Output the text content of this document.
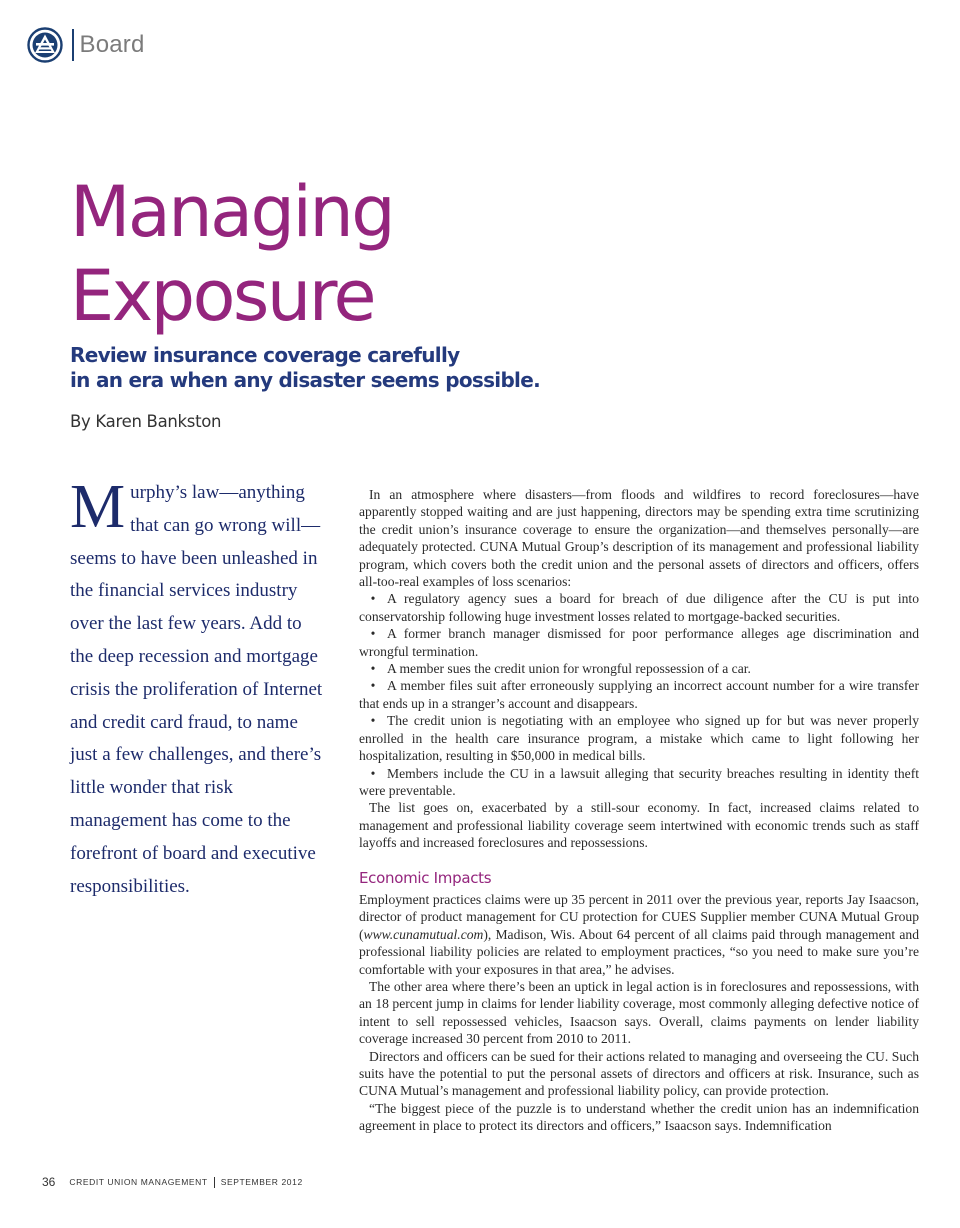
Board
Managing
Exposure
Review insurance coverage carefully
in an era when any disaster seems possible.
By Karen Bankston

Murphy’s law—anything that can go wrong will—seems to have been unleashed in the financial services industry over the last few years. Add to the deep recession and mortgage crisis the proliferation of Internet and credit card fraud, to name just a few challenges, and there’s little wonder that risk management has come to the forefront of board and executive responsibilities.

In an atmosphere where disasters—from floods and wildfires to record foreclosures—have apparently stopped waiting and are just happening, directors may be spending extra time scrutinizing the credit union’s insurance coverage to ensure the organization—and themselves personally—are adequately protected. CUNA Mutual Group’s description of its management and professional liability program, which covers both the credit union and the personal assets of directors and officers, offers all-too-real examples of loss scenarios:

• A regulatory agency sues a board for breach of due diligence after the CU is put into conservatorship following huge investment losses related to mortgage-backed securities.
• A former branch manager dismissed for poor performance alleges age discrimination and wrongful termination.
• A member sues the credit union for wrongful repossession of a car.
• A member files suit after erroneously supplying an incorrect account number for a wire transfer that ends up in a stranger’s account and disappears.
• The credit union is negotiating with an employee who signed up for but was never properly enrolled in the health care insurance program, a mistake which came to light following her hospitalization, resulting in $50,000 in medical bills.
• Members include the CU in a lawsuit alleging that security breaches resulting in identity theft were preventable.

The list goes on, exacerbated by a still-sour economy. In fact, increased claims related to management and professional liability coverage seem intertwined with economic trends such as staff layoffs and increased foreclosures and repossessions.

Economic Impacts

Employment practices claims were up 35 percent in 2011 over the previous year, reports Jay Isaacson, director of product management for CU protection for CUES Supplier member CUNA Mutual Group (www.cunamutual.com), Madison, Wis. About 64 percent of all claims paid through management and professional liability policies are related to employment practices, “so you need to make sure you’re comfortable with your exposures in that area,” he advises.

The other area where there’s been an uptick in legal action is in foreclosures and repossessions, with an 18 percent jump in claims for lender liability coverage, most commonly alleging defective notice of intent to sell repossessed vehicles, Isaacson says. Overall, claims payments on lender liability coverage increased 30 percent from 2010 to 2011.

Directors and officers can be sued for their actions related to managing and overseeing the CU. Such suits have the potential to put the personal assets of directors and officers at risk. Insurance, such as CUNA Mutual’s management and professional liability policy, can provide protection.

“The biggest piece of the puzzle is to understand whether the credit union has an indemnification agreement in place to protect its directors and officers,” Isaacson says. Indemnification

36 CREDIT UNION MANAGEMENT SEPTEMBER 2012
